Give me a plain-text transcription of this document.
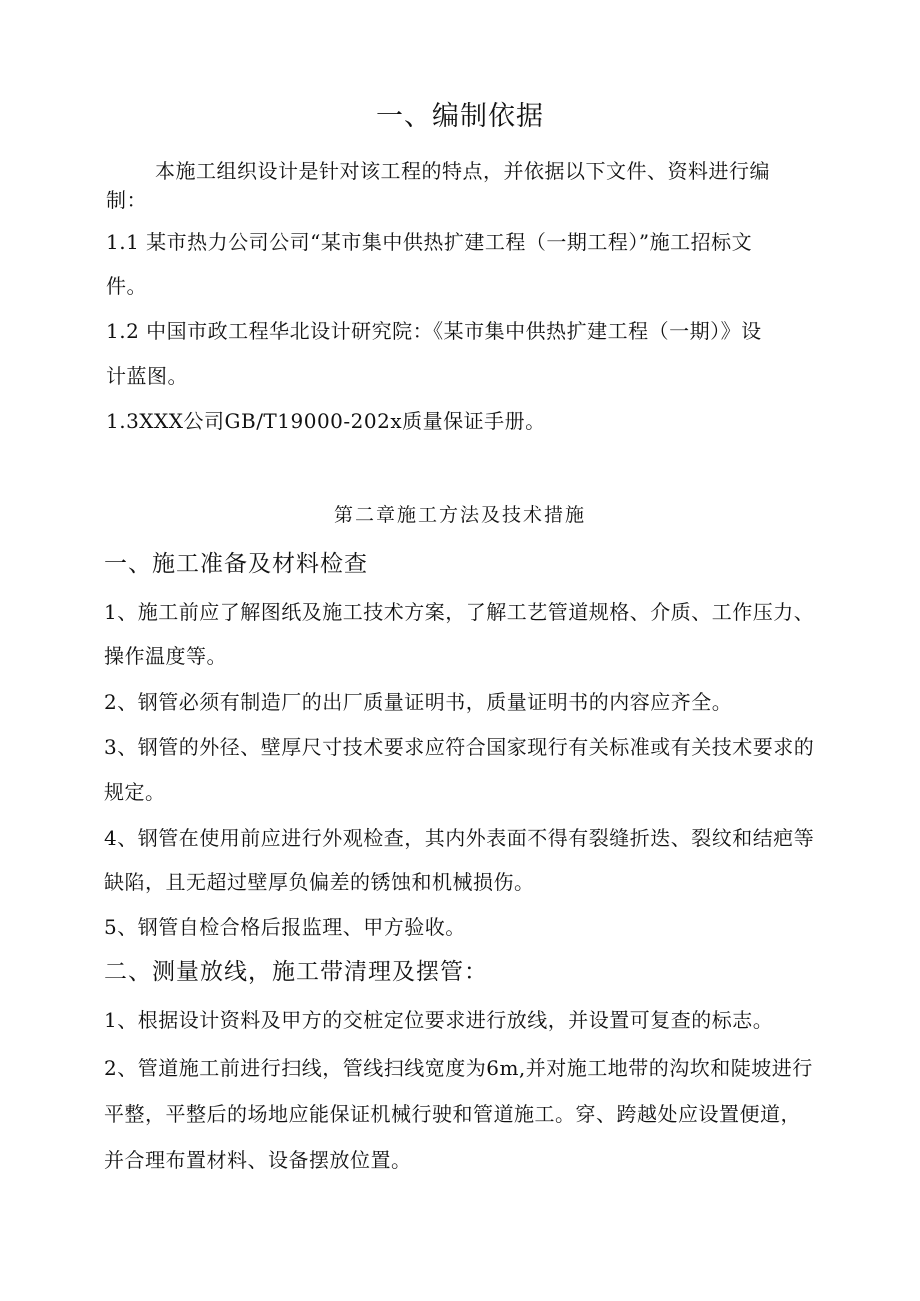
一、编制依据
本施工组织设计是针对该工程的特点，并依据以下文件、资料进行编
制：
1.1 某市热力公司公司“某市集中供热扩建工程（一期工程）”施工招标文
件。
1.2 中国市政工程华北设计研究院：《某市集中供热扩建工程（一期）》设
计蓝图。
1.3XXX公司GB/T19000-202x质量保证手册。
第二章施工方法及技术措施
一、施工准备及材料检查
1、施工前应了解图纸及施工技术方案，了解工艺管道规格、介质、工作压力、
操作温度等。
2、钢管必须有制造厂的出厂质量证明书，质量证明书的内容应齐全。
3、钢管的外径、壁厚尺寸技术要求应符合国家现行有关标准或有关技术要求的
规定。
4、钢管在使用前应进行外观检查，其内外表面不得有裂缝折迭、裂纹和结疤等
缺陷，且无超过壁厚负偏差的锈蚀和机械损伤。
5、钢管自检合格后报监理、甲方验收。
二、测量放线，施工带清理及摆管：
1、根据设计资料及甲方的交桩定位要求进行放线，并设置可复查的标志。
2、管道施工前进行扫线，管线扫线宽度为6m,并对施工地带的沟坎和陡坡进行
平整，平整后的场地应能保证机械行驶和管道施工。穿、跨越处应设置便道，
并合理布置材料、设备摆放位置。
